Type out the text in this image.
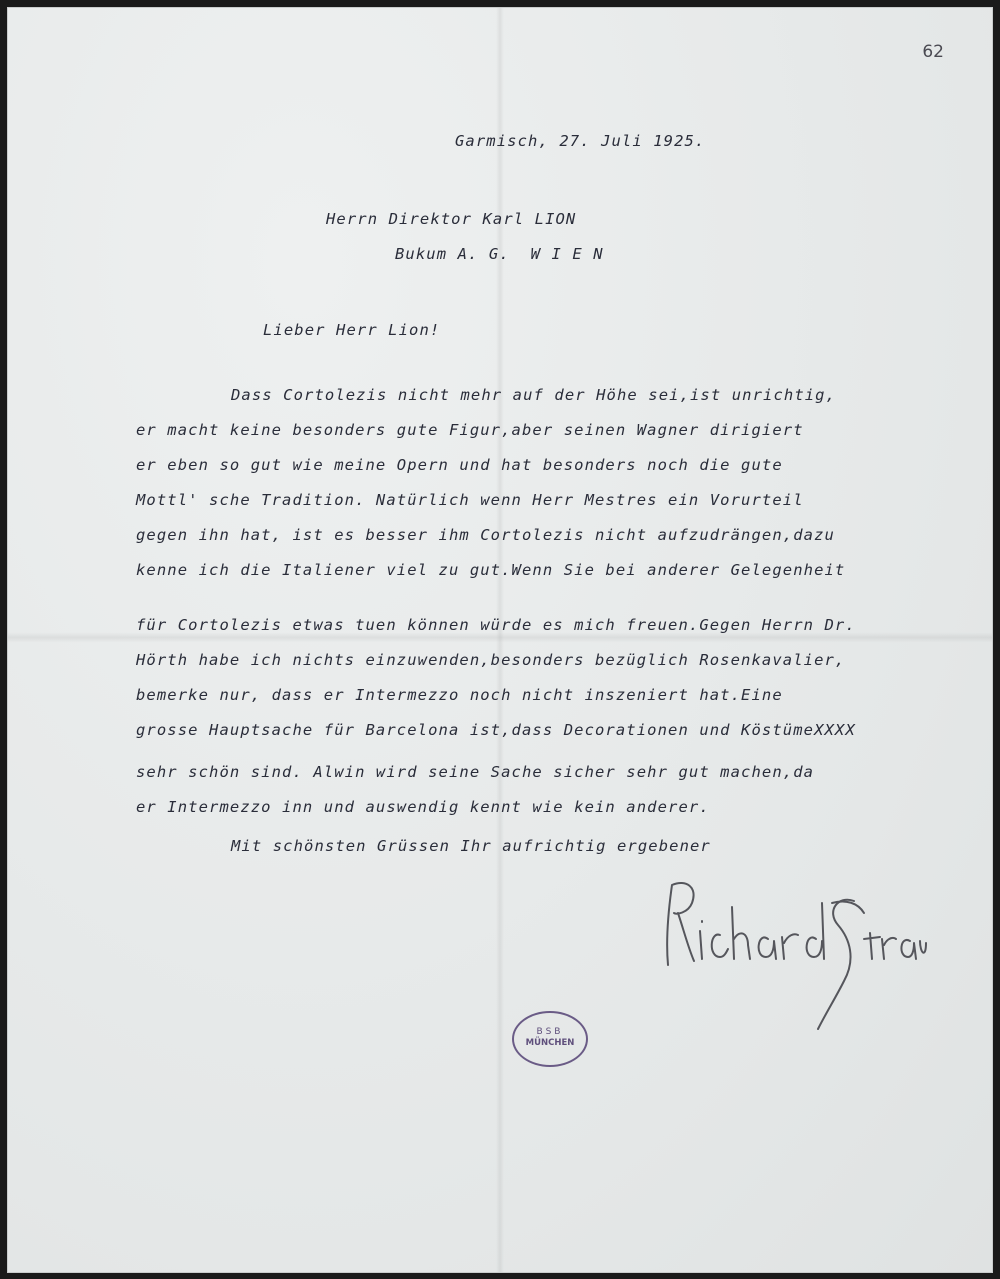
62

Garmisch, 27. Juli 1925.

Herrn Direktor Karl LION

Bukum A. G.  W I E N

Lieber Herr Lion!

Dass Cortolezis nicht mehr auf der Höhe sei,ist unrichtig,

er macht keine besonders gute Figur,aber seinen Wagner dirigiert

er eben so gut wie meine Opern und hat besonders noch die gute

Mottl' sche Tradition. Natürlich wenn Herr Mestres ein Vorurteil

gegen ihn hat, ist es besser ihm Cortolezis nicht aufzudrängen,dazu

kenne ich die Italiener viel zu gut.Wenn Sie bei anderer Gelegenheit

für Cortolezis etwas tuen können würde es mich freuen.Gegen Herrn Dr.

Hörth habe ich nichts einzuwenden,besonders bezüglich Rosenkavalier,

bemerke nur, dass er Intermezzo noch nicht inszeniert hat.Eine

grosse Hauptsache für Barcelona ist,dass Decorationen und KöstümeXXXX

sehr schön sind. Alwin wird seine Sache sicher sehr gut machen,da

er Intermezzo inn und auswendig kennt wie kein anderer.

Mit schönsten Grüssen Ihr aufrichtig ergebener

BSB
MÜNCHEN
